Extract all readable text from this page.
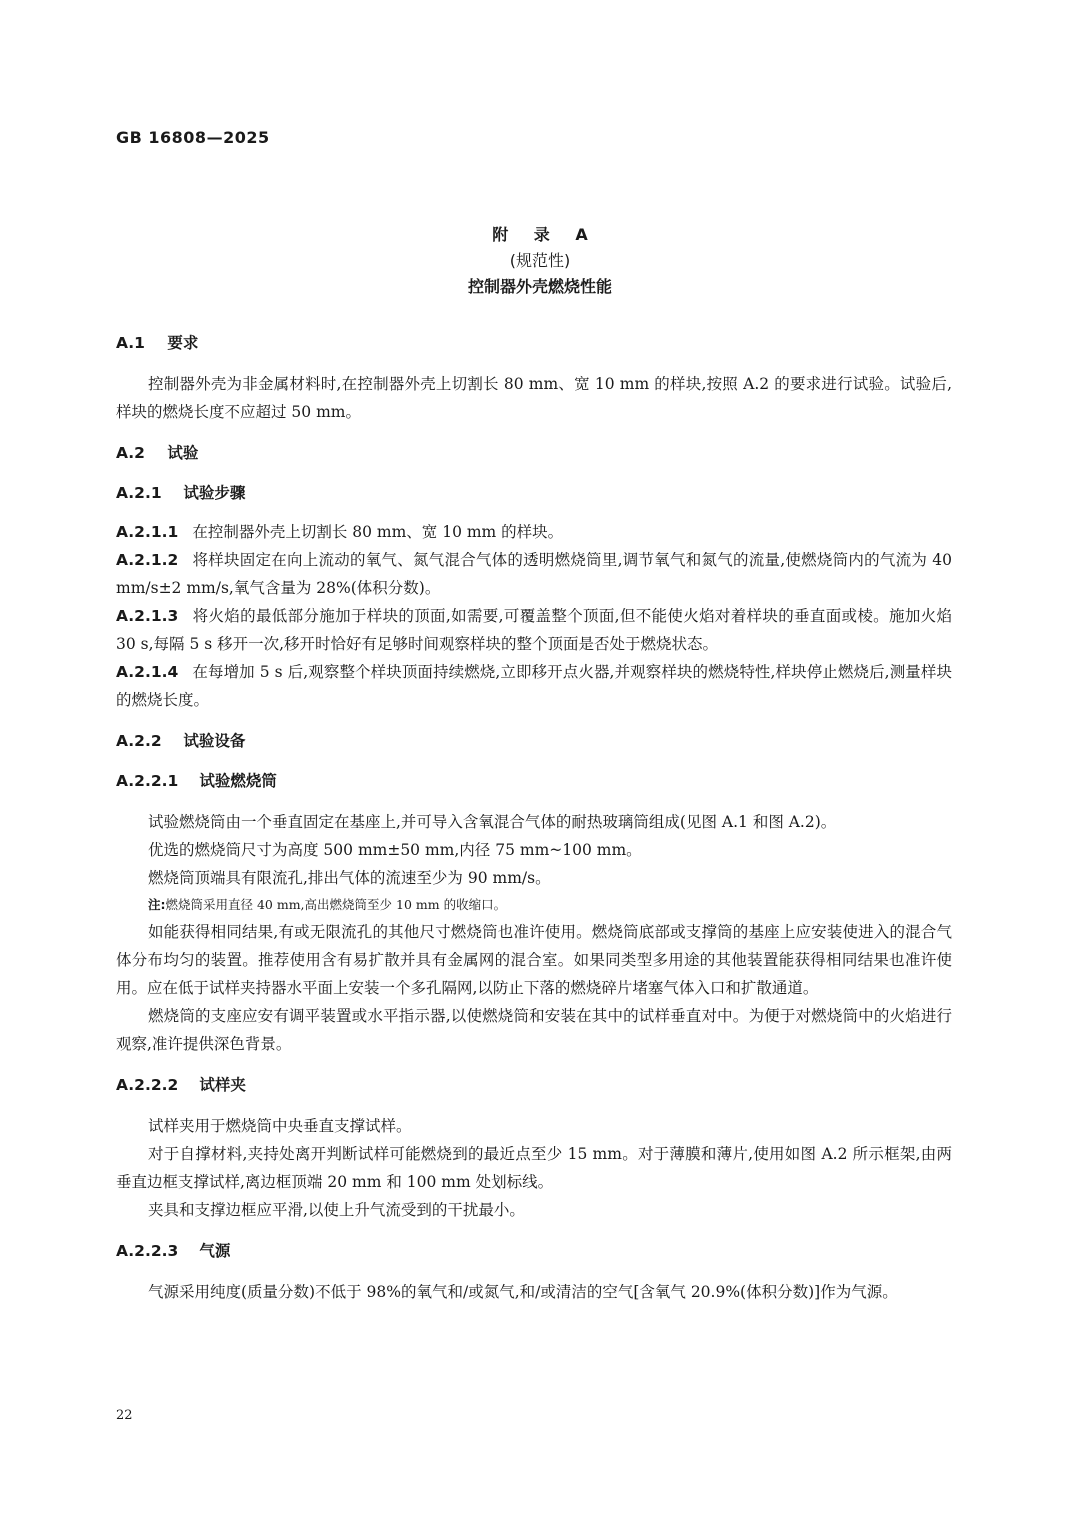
GB 16808—2025
附 录 A
(规范性)
控制器外壳燃烧性能
A.1 要求

控制器外壳为非金属材料时,在控制器外壳上切割长 80 mm、宽 10 mm 的样块,按照 A.2 的要求进行试验。试验后,样块的燃烧长度不应超过 50 mm。

A.2 试验
A.2.1 试验步骤

A.2.1.1 在控制器外壳上切割长 80 mm、宽 10 mm 的样块。

A.2.1.2 将样块固定在向上流动的氧气、氮气混合气体的透明燃烧筒里,调节氧气和氮气的流量,使燃烧筒内的气流为 40 mm/s±2 mm/s,氧气含量为 28%(体积分数)。

A.2.1.3 将火焰的最低部分施加于样块的顶面,如需要,可覆盖整个顶面,但不能使火焰对着样块的垂直面或棱。施加火焰 30 s,每隔 5 s 移开一次,移开时恰好有足够时间观察样块的整个顶面是否处于燃烧状态。

A.2.1.4 在每增加 5 s 后,观察整个样块顶面持续燃烧,立即移开点火器,并观察样块的燃烧特性,样块停止燃烧后,测量样块的燃烧长度。

A.2.2 试验设备
A.2.2.1 试验燃烧筒

试验燃烧筒由一个垂直固定在基座上,并可导入含氧混合气体的耐热玻璃筒组成(见图 A.1 和图 A.2)。

优选的燃烧筒尺寸为高度 500 mm±50 mm,内径 75 mm~100 mm。

燃烧筒顶端具有限流孔,排出气体的流速至少为 90 mm/s。

注:燃烧筒采用直径 40 mm,高出燃烧筒至少 10 mm 的收缩口。

如能获得相同结果,有或无限流孔的其他尺寸燃烧筒也准许使用。燃烧筒底部或支撑筒的基座上应安装使进入的混合气体分布均匀的装置。推荐使用含有易扩散并具有金属网的混合室。如果同类型多用途的其他装置能获得相同结果也准许使用。应在低于试样夹持器水平面上安装一个多孔隔网,以防止下落的燃烧碎片堵塞气体入口和扩散通道。

燃烧筒的支座应安有调平装置或水平指示器,以使燃烧筒和安装在其中的试样垂直对中。为便于对燃烧筒中的火焰进行观察,准许提供深色背景。

A.2.2.2 试样夹

试样夹用于燃烧筒中央垂直支撑试样。

对于自撑材料,夹持处离开判断试样可能燃烧到的最近点至少 15 mm。对于薄膜和薄片,使用如图 A.2 所示框架,由两垂直边框支撑试样,离边框顶端 20 mm 和 100 mm 处划标线。

夹具和支撑边框应平滑,以使上升气流受到的干扰最小。

A.2.2.3 气源

气源采用纯度(质量分数)不低于 98%的氧气和/或氮气,和/或清洁的空气[含氧气 20.9%(体积分数)]作为气源。

22
